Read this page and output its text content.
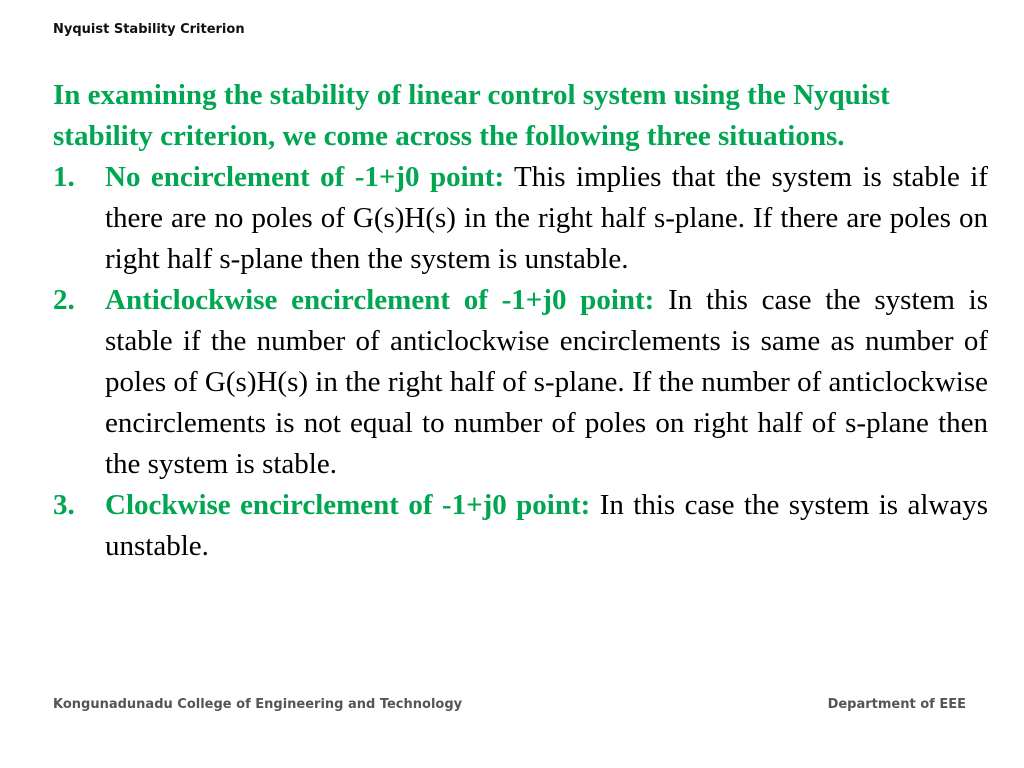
Nyquist Stability Criterion

In examining the stability of linear control system using the Nyquist stability criterion, we come across the following three situations.

1. No encirclement of -1+j0 point: This implies that the system is stable if there are no poles of G(s)H(s) in the right half s-plane. If there are poles on right half s-plane then the system is unstable.
2. Anticlockwise encirclement of -1+j0 point: In this case the system is stable if the number of anticlockwise encirclements is same as number of poles of G(s)H(s) in the right half of s-plane. If the number of anticlockwise encirclements is not equal to number of poles on right half of s-plane then the system is stable.
3. Clockwise encirclement of -1+j0 point: In this case the system is always unstable.
Kongunadunadu College of Engineering and Technology	Department of EEE
